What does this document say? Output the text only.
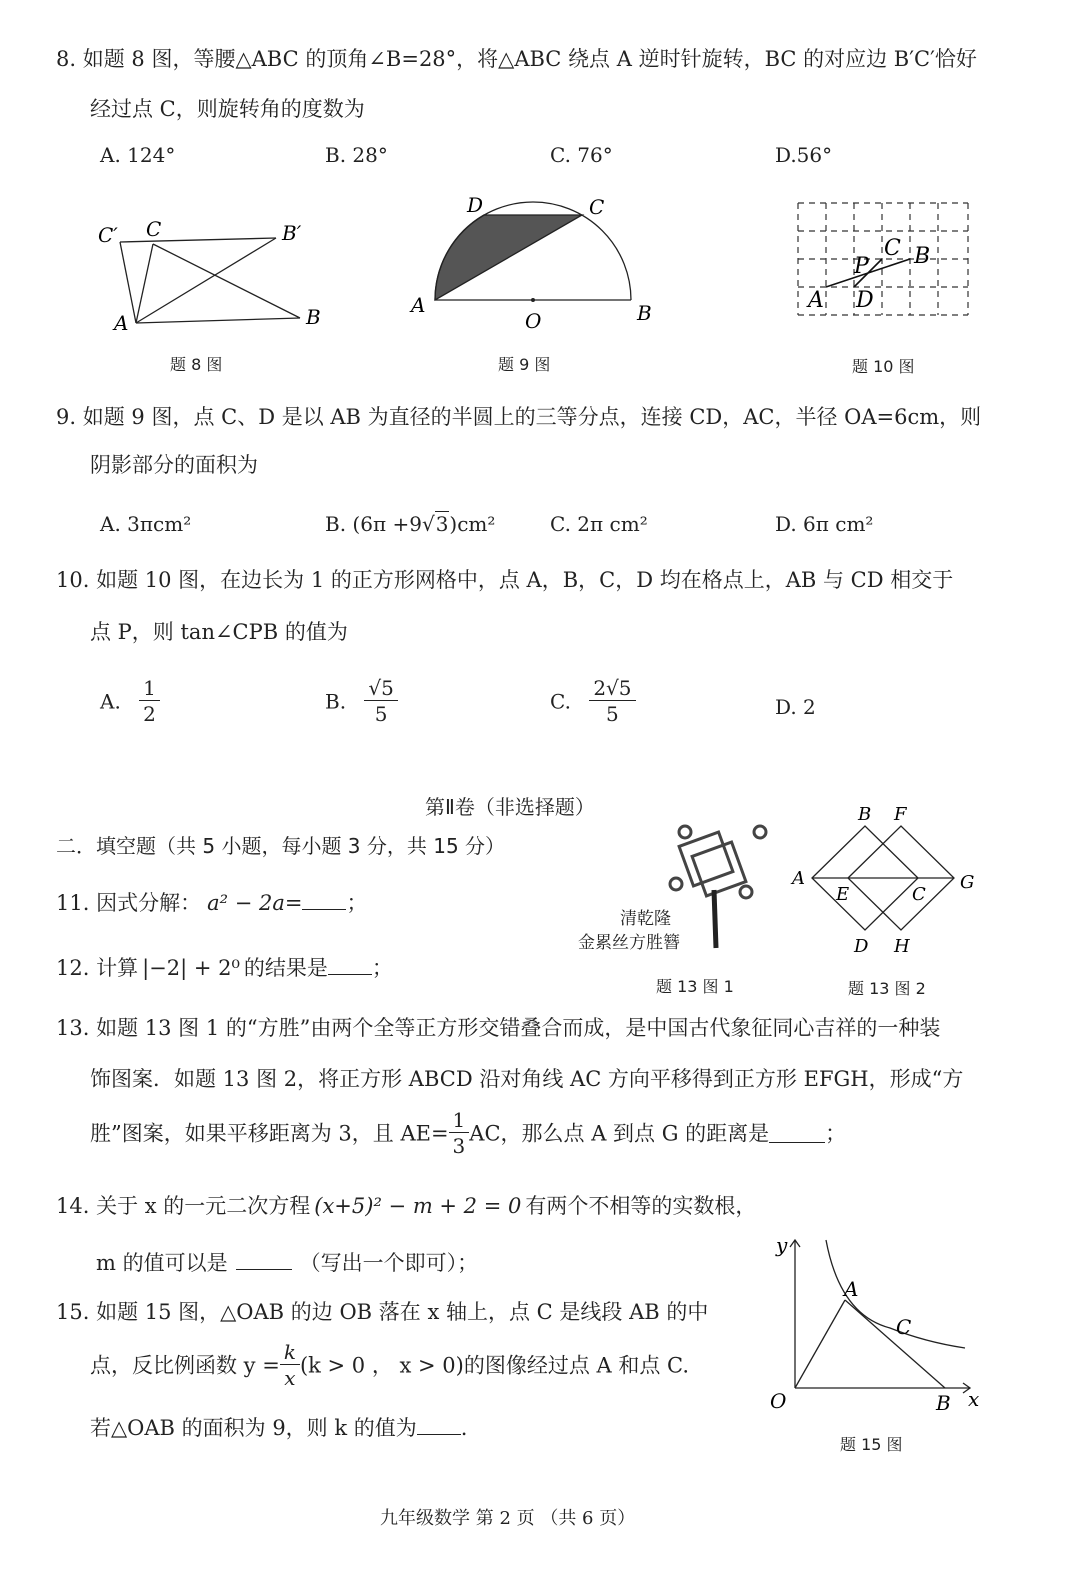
8. 如题 8 图，等腰△ABC 的顶角∠B=28°，将△ABC 绕点 A 逆时针旋转，BC 的对应边 B′C′恰好
经过点 C，则旋转角的度数为
A. 124°	B. 28°	C. 76°	D.56°
C′ C	B′
A	B
题 8 图
D	C
A
O	B
题 9 图
C B
P
A D
题 10 图
9. 如题 9 图，点 C、D 是以 AB 为直径的半圆上的三等分点，连接 CD，AC，半径 OA=6cm，则
阴影部分的面积为
A. 3πcm²	B. (6π +9√3)cm²	C. 2π cm²	D. 6π cm²
10. 如题 10 图，在边长为 1 的正方形网格中，点 A，B，C，D 均在格点上，AB 与 CD 相交于
点 P，则 tan∠CPB 的值为
A. $\frac{1}{2}$	B. $\frac{√5}{5}$	C. $\frac{2√5}{5}$	D. 2
第Ⅱ卷（非选择题）
二．填空题（共 5 小题，每小题 3 分，共 15 分）
清乾隆
金累丝方胜簪
题 13 图 1
B F
A
E	C
G
D H
题 13 图 2
11. 因式分解： a² − 2a= ；
12. 计算 |−2| + 2⁰ 的结果是 ；
13. 如题 13 图 1 的“方胜”由两个全等正方形交错叠合而成，是中国古代象征同心吉祥的一种装
饰图案．如题 13 图 2，将正方形 ABCD 沿对角线 AC 方向平移得到正方形 EFGH，形成“方
胜”图案，如果平移距离为 3，且 $AE= \frac{1}{3}$ AC，那么点 A 到点 G 的距离是	；
14. 关于 x 的一元二次方程 (x+5)² − m + 2 = 0 有两个不相等的实数根，
m 的值可以是	（写出一个即可）；
15. 如题 15 图，△OAB 的边 OB 落在 x 轴上，点 C 是线段 AB 的中
点，反比例函数 $y = \frac{k}{x} (k > 0$ ， x > 0)的图像经过点 A 和点 C.
若△OAB 的面积为 9，则 k 的值为 .
y
A
C
O	B x
题 15 图
九年级数学 第 2 页 （共 6 页）
